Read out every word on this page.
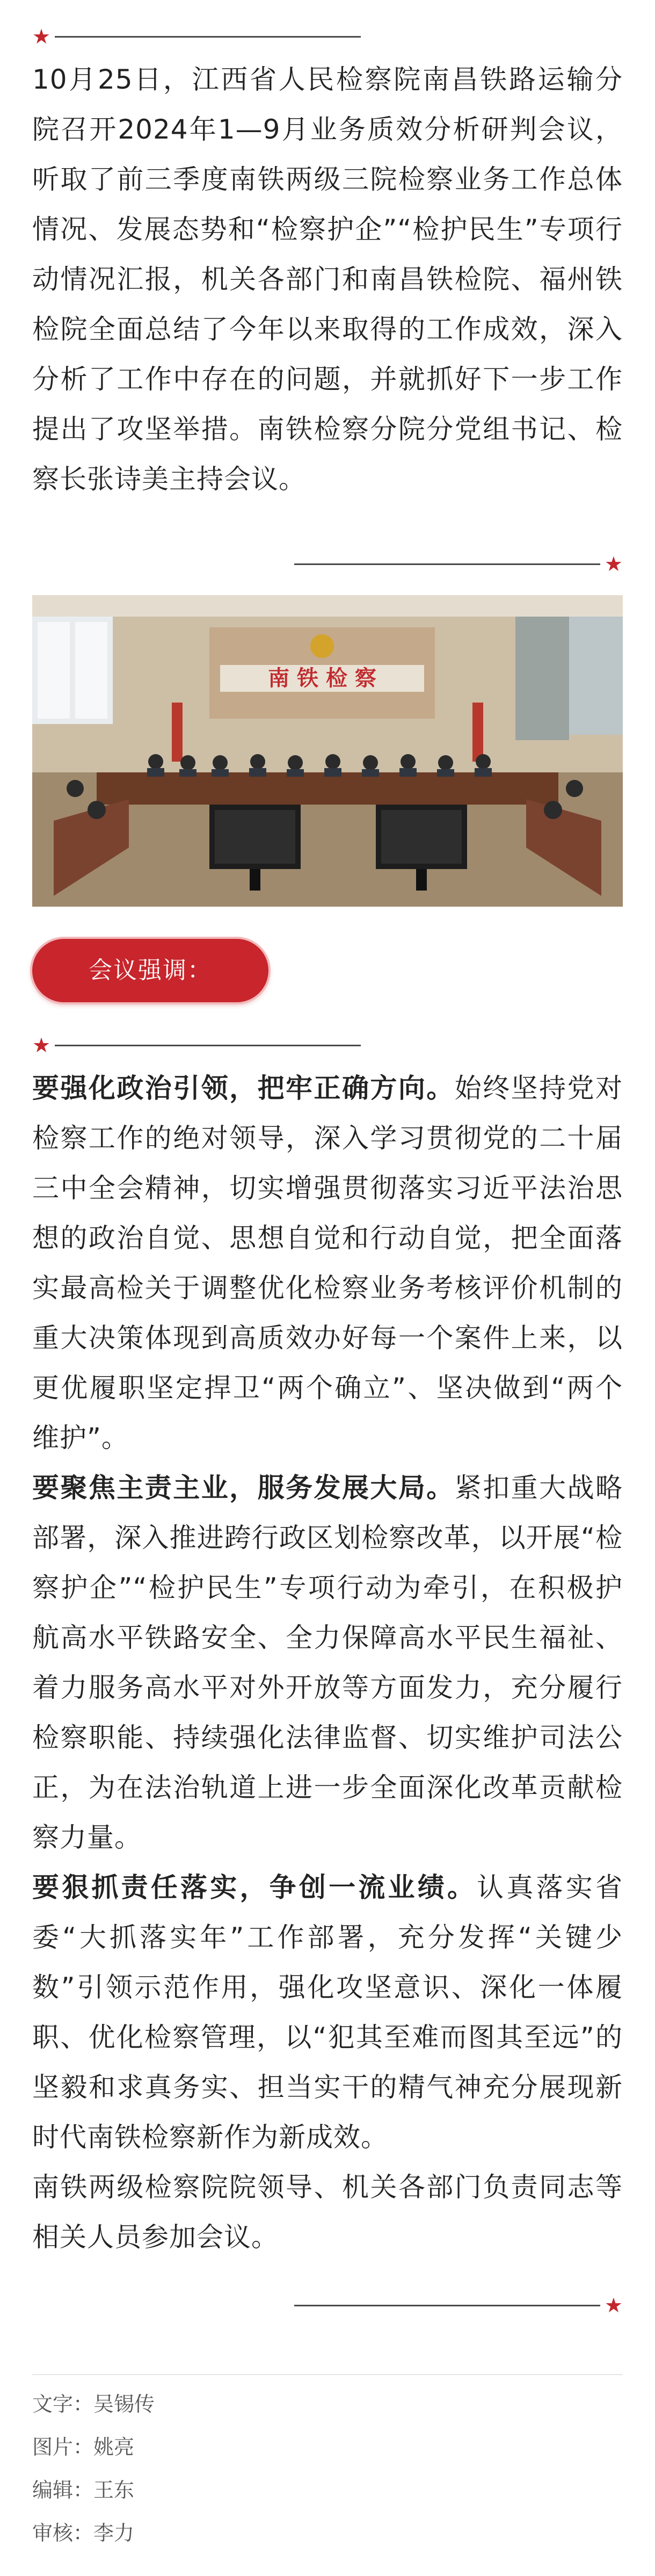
★
10月25日，江西省人民检察院南昌铁路运输分院召开2024年1—9月业务质效分析研判会议，听取了前三季度南铁两级三院检察业务工作总体情况、发展态势和“检察护企”“检护民生”专项行动情况汇报，机关各部门和南昌铁检院、福州铁检院全面总结了今年以来取得的工作成效，深入分析了工作中存在的问题，并就抓好下一步工作提出了攻坚举措。南铁检察分院分党组书记、检察长张诗美主持会议。
★
南 铁 检 察
会议强调：
★
要强化政治引领，把牢正确方向。始终坚持党对检察工作的绝对领导，深入学习贯彻党的二十届三中全会精神，切实增强贯彻落实习近平法治思想的政治自觉、思想自觉和行动自觉，把全面落实最高检关于调整优化检察业务考核评价机制的重大决策体现到高质效办好每一个案件上来，以更优履职坚定捍卫“两个确立”、坚决做到“两个维护”。
要聚焦主责主业，服务发展大局。紧扣重大战略部署，深入推进跨行政区划检察改革，以开展“检察护企”“检护民生”专项行动为牵引，在积极护航高水平铁路安全、全力保障高水平民生福祉、着力服务高水平对外开放等方面发力，充分履行检察职能、持续强化法律监督、切实维护司法公正，为在法治轨道上进一步全面深化改革贡献检察力量。
要狠抓责任落实，争创一流业绩。认真落实省委“大抓落实年”工作部署，充分发挥“关键少数”引领示范作用，强化攻坚意识、深化一体履职、优化检察管理，以“犯其至难而图其至远”的坚毅和求真务实、担当实干的精气神充分展现新时代南铁检察新作为新成效。
南铁两级检察院院领导、机关各部门负责同志等相关人员参加会议。
★
文字：吴锡传
图片：姚亮
编辑：王东
审核：李力
